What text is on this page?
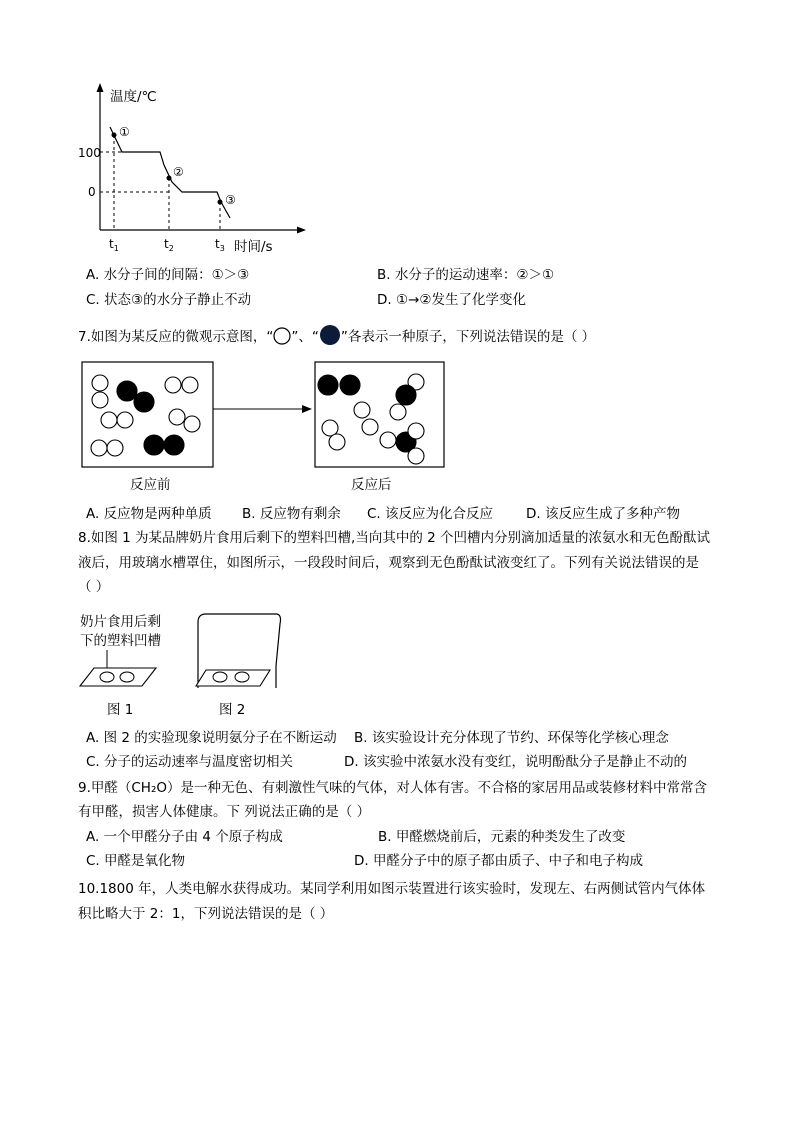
温度/℃
100
0
①
②
③
$t_1$	$t_2$	$t_3$ 时间/s
A. 水分子间的间隔：①＞③	B. 水分子的运动速率：②＞①
C. 状态③的水分子静止不动	D. ①→②发生了化学变化
7.如图为某反应的微观示意图，“ ”、“ ”各表示一种原子，下列说法错误的是（ ）
反应前	反应后
A. 反应物是两种单质 B. 反应物有剩余 C. 该反应为化合反应 D. 该反应生成了多种产物
8.如图 1 为某品牌奶片食用后剩下的塑料凹槽,当向其中的 2 个凹槽内分别滴加适量的浓氨水和无色酚酞试
液后，用玻璃水槽罩住，如图所示，一段段时间后，观察到无色酚酞试液变红了。下列有关说法错误的是
（ ）
奶片食用后剩
下的塑料凹槽
图 1	图 2
A. 图 2 的实验现象说明氨分子在不断运动 B. 该实验设计充分体现了节约、环保等化学核心理念
C. 分子的运动速率与温度密切相关	D. 该实验中浓氨水没有变红，说明酚酞分子是静止不动的
9.甲醛（CH₂O）是一种无色、有刺激性气味的气体，对人体有害。不合格的家居用品或装修材料中常常含
有甲醛，损害人体健康。下 列说法正确的是（ ）
A. 一个甲醛分子由 4 个原子构成	B. 甲醛燃烧前后，元素的种类发生了改变
C. 甲醛是氧化物	D. 甲醛分子中的原子都由质子、中子和电子构成
10.1800 年，人类电解水获得成功。某同学利用如图示装置进行该实验时，发现左、右两侧试管内气体体
积比略大于 2：1，下列说法错误的是（ ）
